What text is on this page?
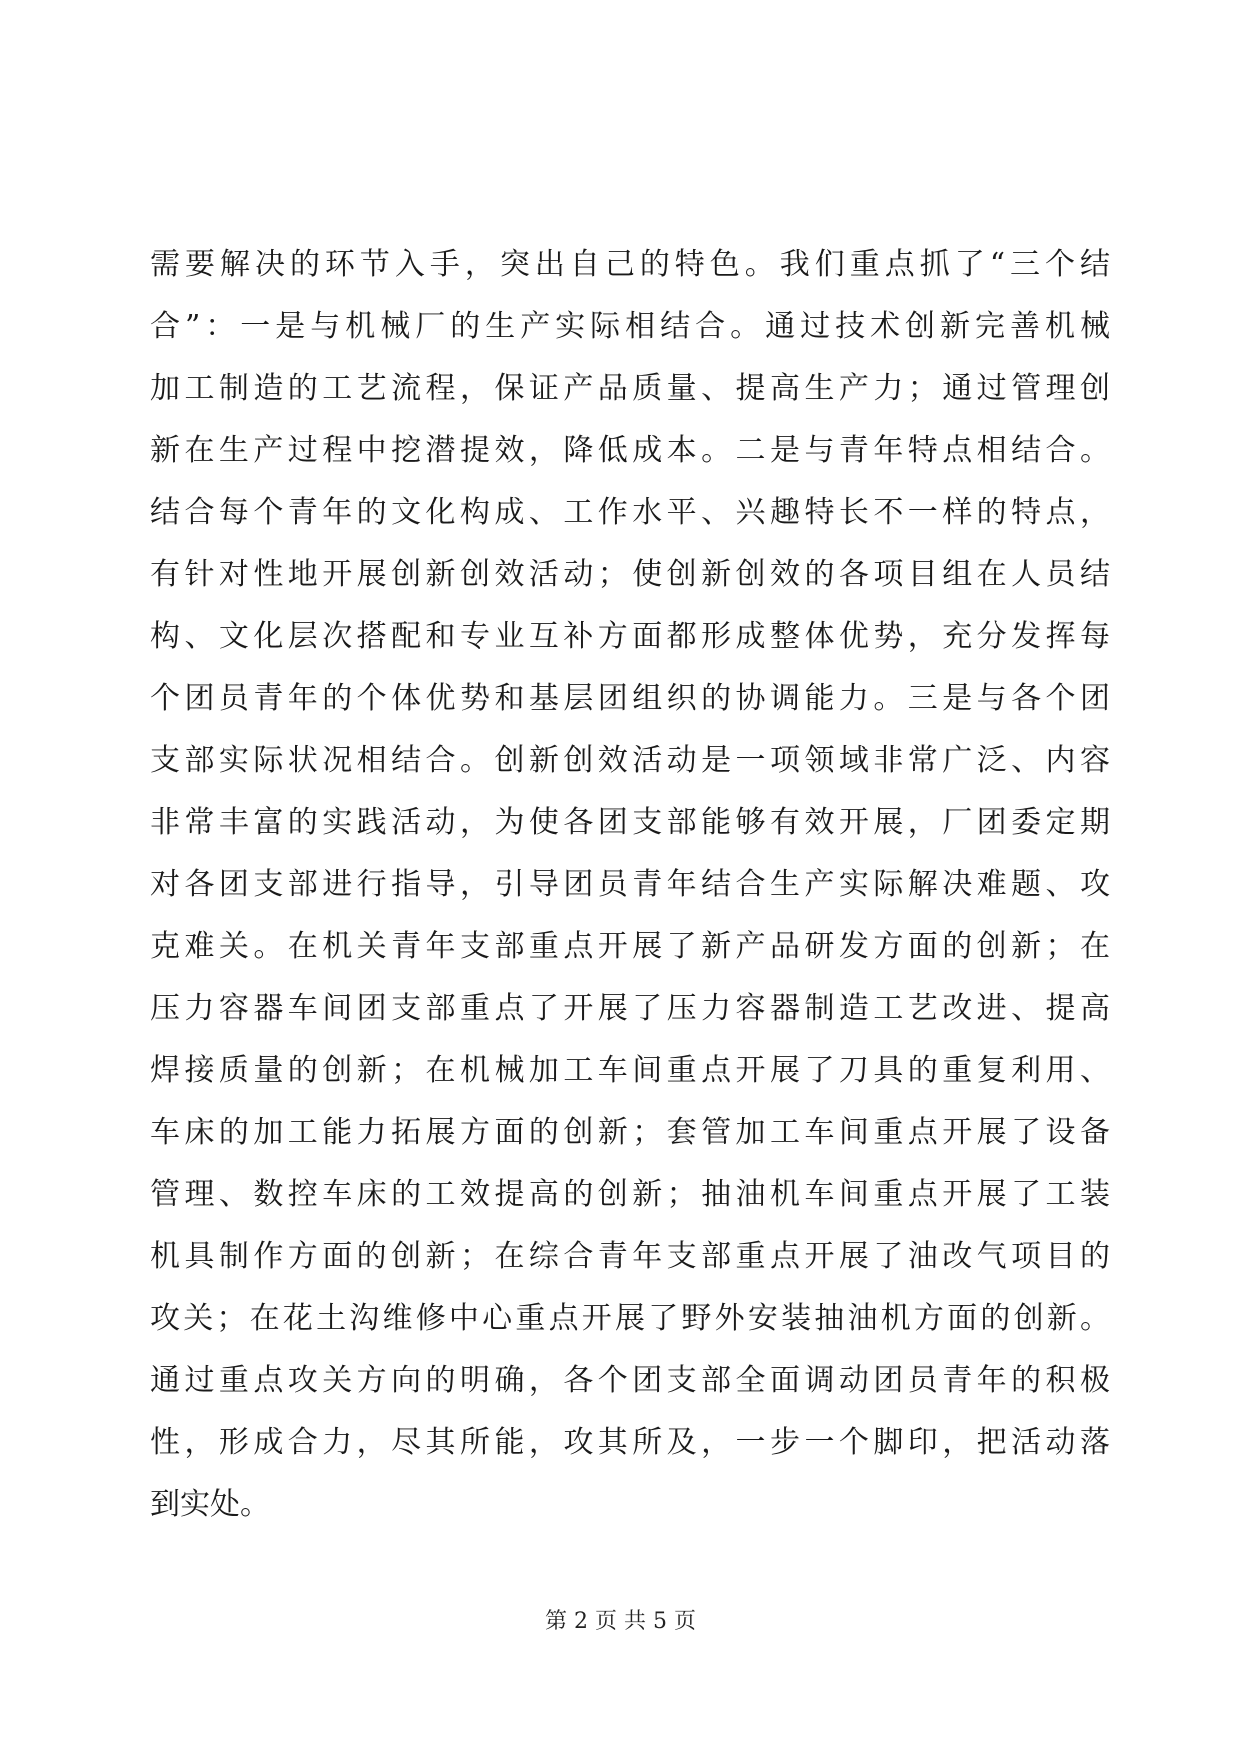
需要解决的环节入手，突出自己的特色。我们重点抓了“三个结
合”：一是与机械厂的生产实际相结合。通过技术创新完善机械
加工制造的工艺流程，保证产品质量、提高生产力；通过管理创
新在生产过程中挖潜提效，降低成本。二是与青年特点相结合。
结合每个青年的文化构成、工作水平、兴趣特长不一样的特点，
有针对性地开展创新创效活动；使创新创效的各项目组在人员结
构、文化层次搭配和专业互补方面都形成整体优势，充分发挥每
个团员青年的个体优势和基层团组织的协调能力。三是与各个团
支部实际状况相结合。创新创效活动是一项领域非常广泛、内容
非常丰富的实践活动，为使各团支部能够有效开展，厂团委定期
对各团支部进行指导，引导团员青年结合生产实际解决难题、攻
克难关。在机关青年支部重点开展了新产品研发方面的创新；在
压力容器车间团支部重点了开展了压力容器制造工艺改进、提高
焊接质量的创新；在机械加工车间重点开展了刀具的重复利用、
车床的加工能力拓展方面的创新；套管加工车间重点开展了设备
管理、数控车床的工效提高的创新；抽油机车间重点开展了工装
机具制作方面的创新；在综合青年支部重点开展了油改气项目的
攻关；在花土沟维修中心重点开展了野外安装抽油机方面的创新。
通过重点攻关方向的明确，各个团支部全面调动团员青年的积极
性，形成合力，尽其所能，攻其所及，一步一个脚印，把活动落
到实处。
第 2 页 共 5 页
